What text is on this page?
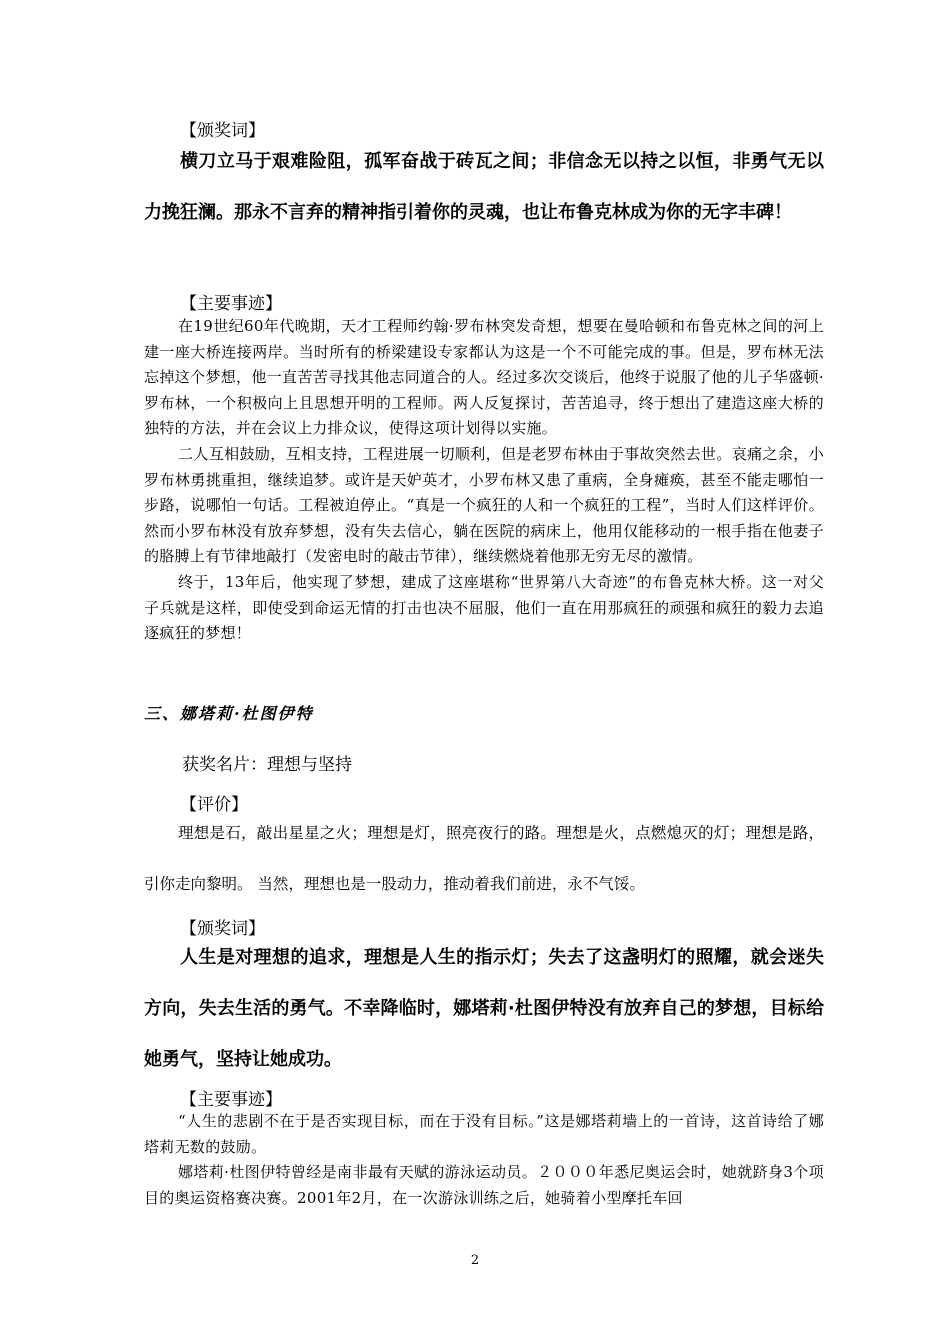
【颁奖词】
横刀立马于艰难险阻，孤军奋战于砖瓦之间；非信念无以持之以恒，非勇气无以力挽狂澜。那永不言弃的精神指引着你的灵魂，也让布鲁克林成为你的无字丰碑！
【主要事迹】

在19世纪60年代晚期，天才工程师约翰·罗布林突发奇想，想要在曼哈顿和布鲁克林之间的河上建一座大桥连接两岸。当时所有的桥梁建设专家都认为这是一个不可能完成的事。但是，罗布林无法忘掉这个梦想，他一直苦苦寻找其他志同道合的人。经过多次交谈后，他终于说服了他的儿子华盛顿·罗布林，一个积极向上且思想开明的工程师。两人反复探讨，苦苦追寻，终于想出了建造这座大桥的独特的方法，并在会议上力排众议，使得这项计划得以实施。

二人互相鼓励，互相支持，工程进展一切顺利，但是老罗布林由于事故突然去世。哀痛之余，小罗布林勇挑重担，继续追梦。或许是天妒英才，小罗布林又患了重病，全身瘫痪，甚至不能走哪怕一步路，说哪怕一句话。工程被迫停止。“真是一个疯狂的人和一个疯狂的工程”，当时人们这样评价。然而小罗布林没有放弃梦想，没有失去信心，躺在医院的病床上，他用仅能移动的一根手指在他妻子的胳膊上有节律地敲打（发密电时的敲击节律），继续燃烧着他那无穷无尽的激情。

终于，13年后，他实现了梦想，建成了这座堪称“世界第八大奇迹”的布鲁克林大桥。这一对父子兵就是这样，即使受到命运无情的打击也决不屈服，他们一直在用那疯狂的顽强和疯狂的毅力去追逐疯狂的梦想！

三、娜塔莉·杜图伊特
获奖名片：理想与坚持
【评价】
理想是石，敲出星星之火；理想是灯，照亮夜行的路。理想是火，点燃熄灭的灯；理想是路，引你走向黎明。 当然，理想也是一股动力，推动着我们前进，永不气馁。
【颁奖词】
人生是对理想的追求，理想是人生的指示灯；失去了这盏明灯的照耀，就会迷失方向，失去生活的勇气。不幸降临时，娜塔莉·杜图伊特没有放弃自己的梦想，目标给她勇气，坚持让她成功。
【主要事迹】

“人生的悲剧不在于是否实现目标，而在于没有目标。”这是娜塔莉墙上的一首诗，这首诗给了娜塔莉无数的鼓励。

娜塔莉·杜图伊特曾经是南非最有天赋的游泳运动员。２０００年悉尼奥运会时，她就跻身3个项目的奥运资格赛决赛。2001年2月，在一次游泳训练之后，她骑着小型摩托车回

2
